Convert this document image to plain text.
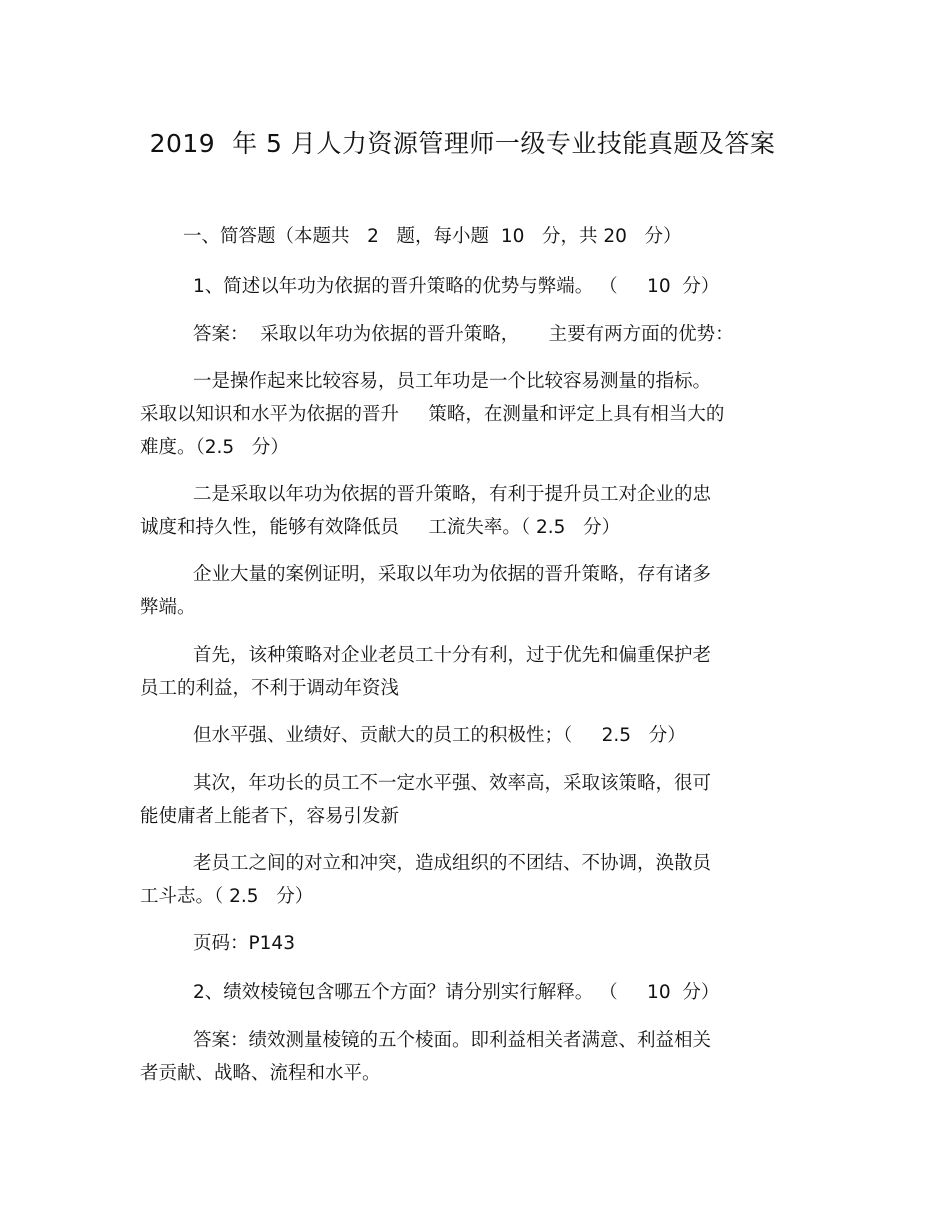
2019  年 5 月人力资源管理师一级专业技能真题及答案
一、简答题（本题共   2   题，每小题  10   分，共 20   分）
1、简述以年功为依据的晋升策略的优势与弊端。 （     10  分）
答案：  采取以年功为依据的晋升策略，     主要有两方面的优势：
一是操作起来比较容易，员工年功是一个比较容易测量的指标。
采取以知识和水平为依据的晋升     策略，在测量和评定上具有相当大的
难度。（2.5   分）
二是采取以年功为依据的晋升策略，有利于提升员工对企业的忠
诚度和持久性，能够有效降低员     工流失率。（ 2.5   分）
企业大量的案例证明，采取以年功为依据的晋升策略，存有诸多
弊端。
首先，该种策略对企业老员工十分有利，过于优先和偏重保护老
员工的利益，不利于调动年资浅
但水平强、业绩好、贡献大的员工的积极性；（     2.5   分）
其次，年功长的员工不一定水平强、效率高，采取该策略，很可
能使庸者上能者下，容易引发新
老员工之间的对立和冲突，造成组织的不团结、不协调，涣散员
工斗志。（ 2.5   分）
页码：P143
2、绩效棱镜包含哪五个方面？请分别实行解释。 （     10  分）
答案：绩效测量棱镜的五个棱面。即利益相关者满意、利益相关
者贡献、战略、流程和水平。
